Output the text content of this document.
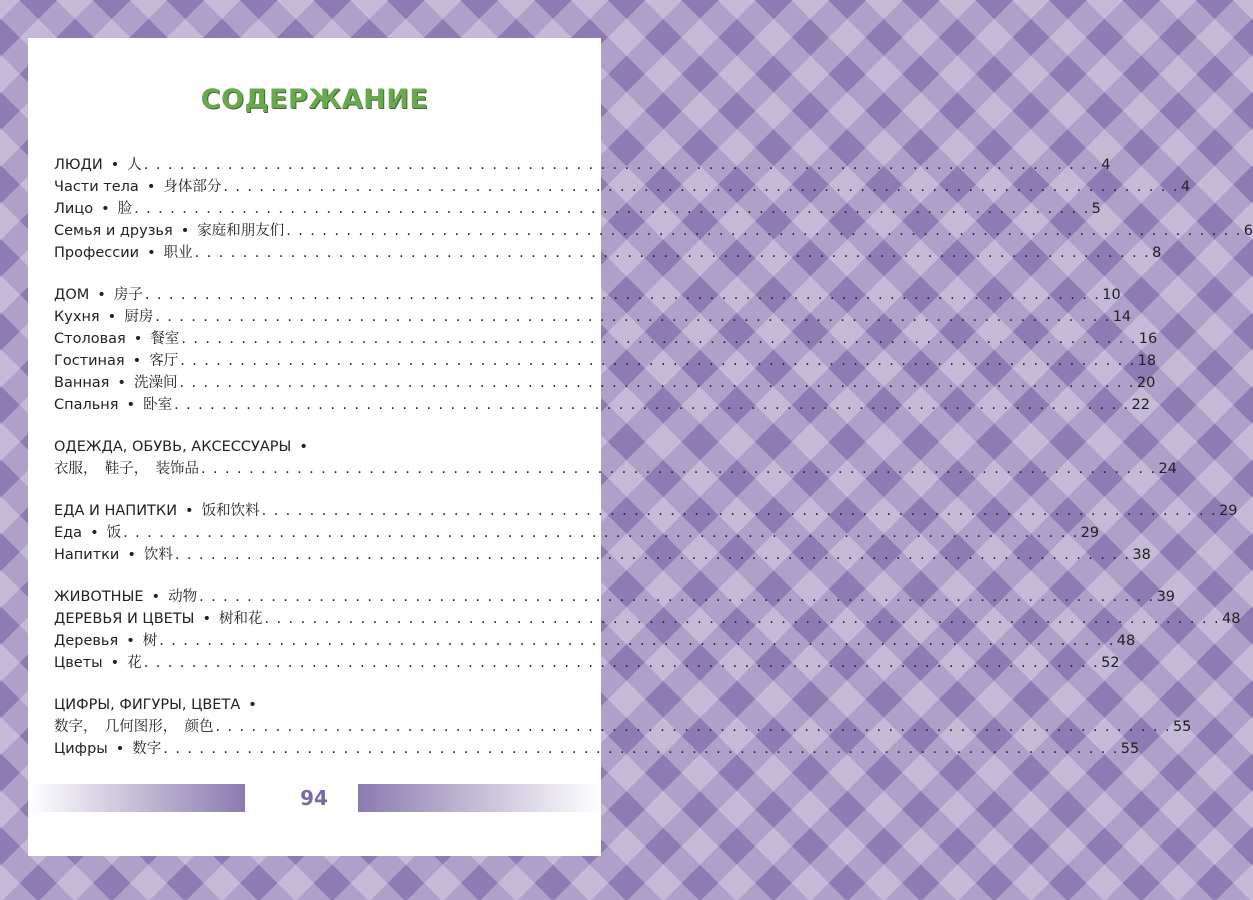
СОДЕРЖАНИЕ
ЛЮДИ • 人 . . . . . . . . . . . . . . . . . . . . . . . . . . . . . . . . . . . . . . . . . . . . . . . . . . . . . . . . . . . . . . . . . . . . . . . . . . . . . . . . 4
Части тела • 身体部分 . . . . . . . . . . . . . . . . . . . . . . . . . . . . . . . . . . . . . . . . . . . . . . . . . . . . . . . . . . . . . . . . . . . . . . . . . . . . . . . . 4
Лицо • 脸 . . . . . . . . . . . . . . . . . . . . . . . . . . . . . . . . . . . . . . . . . . . . . . . . . . . . . . . . . . . . . . . . . . . . . . . . . . . . . . . . 5
Семья и друзья • 家庭和朋友们 . . . . . . . . . . . . . . . . . . . . . . . . . . . . . . . . . . . . . . . . . . . . . . . . . . . . . . . . . . . . . . . . . . . . . . . . . . . . . . . . 6
Профессии • 职业 . . . . . . . . . . . . . . . . . . . . . . . . . . . . . . . . . . . . . . . . . . . . . . . . . . . . . . . . . . . . . . . . . . . . . . . . . . . . . . . . 8
ДОМ • 房子 . . . . . . . . . . . . . . . . . . . . . . . . . . . . . . . . . . . . . . . . . . . . . . . . . . . . . . . . . . . . . . . . . . . . . . . . . . . . . . . . 10
Кухня • 厨房 . . . . . . . . . . . . . . . . . . . . . . . . . . . . . . . . . . . . . . . . . . . . . . . . . . . . . . . . . . . . . . . . . . . . . . . . . . . . . . . . 14
Столовая • 餐室 . . . . . . . . . . . . . . . . . . . . . . . . . . . . . . . . . . . . . . . . . . . . . . . . . . . . . . . . . . . . . . . . . . . . . . . . . . . . . . . . 16
Гостиная • 客厅 . . . . . . . . . . . . . . . . . . . . . . . . . . . . . . . . . . . . . . . . . . . . . . . . . . . . . . . . . . . . . . . . . . . . . . . . . . . . . . . . 18
Ванная • 洗澡间 . . . . . . . . . . . . . . . . . . . . . . . . . . . . . . . . . . . . . . . . . . . . . . . . . . . . . . . . . . . . . . . . . . . . . . . . . . . . . . . . 20
Спальня • 卧室 . . . . . . . . . . . . . . . . . . . . . . . . . . . . . . . . . . . . . . . . . . . . . . . . . . . . . . . . . . . . . . . . . . . . . . . . . . . . . . . . 22
ОДЕЖДА, ОБУВЬ, АКСЕССУАРЫ •
衣服，　鞋子，　装饰品 . . . . . . . . . . . . . . . . . . . . . . . . . . . . . . . . . . . . . . . . . . . . . . . . . . . . . . . . . . . . . . . . . . . . . . . . . . . . . . . . 24
ЕДА И НАПИТКИ • 饭和饮料 . . . . . . . . . . . . . . . . . . . . . . . . . . . . . . . . . . . . . . . . . . . . . . . . . . . . . . . . . . . . . . . . . . . . . . . . . . . . . . . . 29
Еда • 饭 . . . . . . . . . . . . . . . . . . . . . . . . . . . . . . . . . . . . . . . . . . . . . . . . . . . . . . . . . . . . . . . . . . . . . . . . . . . . . . . . 29
Напитки • 饮料 . . . . . . . . . . . . . . . . . . . . . . . . . . . . . . . . . . . . . . . . . . . . . . . . . . . . . . . . . . . . . . . . . . . . . . . . . . . . . . . . 38
ЖИВОТНЫЕ • 动物 . . . . . . . . . . . . . . . . . . . . . . . . . . . . . . . . . . . . . . . . . . . . . . . . . . . . . . . . . . . . . . . . . . . . . . . . . . . . . . . . 39
ДЕРЕВЬЯ И ЦВЕТЫ • 树和花 . . . . . . . . . . . . . . . . . . . . . . . . . . . . . . . . . . . . . . . . . . . . . . . . . . . . . . . . . . . . . . . . . . . . . . . . . . . . . . . . 48
Деревья • 树 . . . . . . . . . . . . . . . . . . . . . . . . . . . . . . . . . . . . . . . . . . . . . . . . . . . . . . . . . . . . . . . . . . . . . . . . . . . . . . . . 48
Цветы • 花 . . . . . . . . . . . . . . . . . . . . . . . . . . . . . . . . . . . . . . . . . . . . . . . . . . . . . . . . . . . . . . . . . . . . . . . . . . . . . . . . 52
ЦИФРЫ, ФИГУРЫ, ЦВЕТА •
数字，　几何图形，　颜色 . . . . . . . . . . . . . . . . . . . . . . . . . . . . . . . . . . . . . . . . . . . . . . . . . . . . . . . . . . . . . . . . . . . . . . . . . . . . . . . . 55
Цифры • 数字 . . . . . . . . . . . . . . . . . . . . . . . . . . . . . . . . . . . . . . . . . . . . . . . . . . . . . . . . . . . . . . . . . . . . . . . . . . . . . . . . 55
94
